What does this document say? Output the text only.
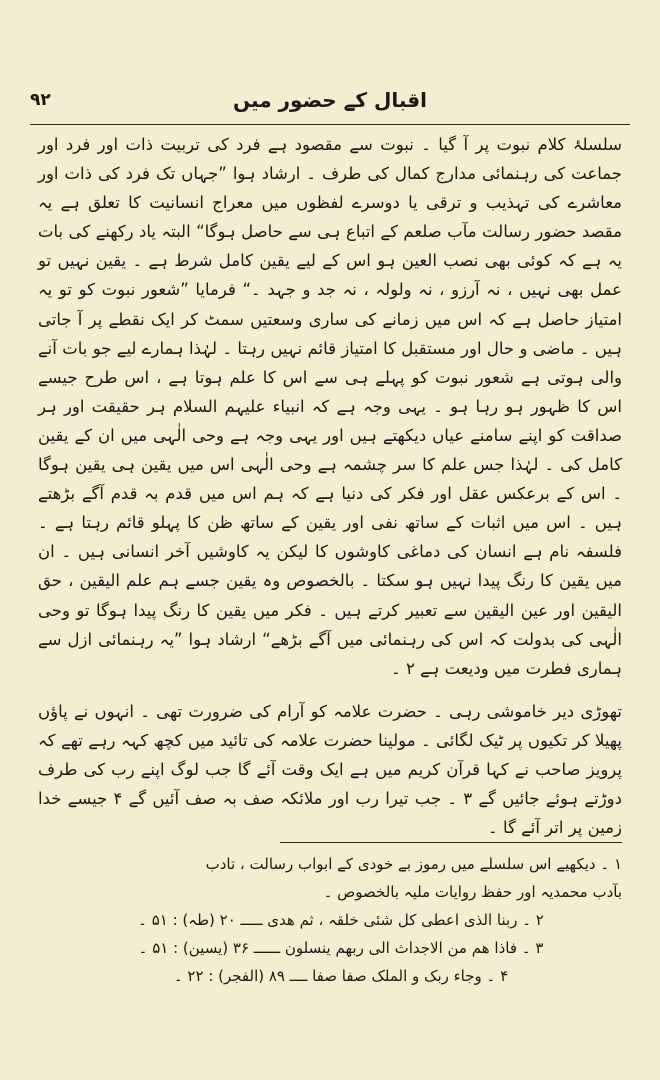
۹۲	اقبال کے حضور میں

سلسلۂ کلام نبوت پر آ گیا ۔ نبوت سے مقصود ہے فرد کی تربیت ذات اور فرد اور جماعت کی رہنمائی مدارج کمال کی طرف ۔ ارشاد ہوا ”جہاں تک فرد کی ذات اور معاشرے کی تہذیب و ترقی یا دوسرے لفظوں میں معراج انسانیت کا تعلق ہے یہ مقصد حضور رسالت مآب صلعم کے اتباع ہی سے حاصل ہوگا“ البتہ یاد رکھنے کی بات یہ ہے کہ کوئی بھی نصب العین ہو اس کے لیے یقین کامل شرط ہے ۔ یقین نہیں تو عمل بھی نہیں ، نہ آرزو ، نہ ولولہ ، نہ جد و جہد ۔“ فرمایا ”شعور نبوت کو تو یہ امتیاز حاصل ہے کہ اس میں زمانے کی ساری وسعتیں سمٹ کر ایک نقطے پر آ جاتی ہیں ۔ ماضی و حال اور مستقبل کا امتیاز قائم نہیں رہتا ۔ لہٰذا ہمارے لیے جو بات آنے والی ہوتی ہے شعور نبوت کو پہلے ہی سے اس کا علم ہوتا ہے ، اس طرح جیسے اس کا ظہور ہو رہا ہو ۔ یہی وجہ ہے کہ انبیاء علیہم السلام ہر حقیقت اور ہر صداقت کو اپنے سامنے عیاں دیکھتے ہیں اور یہی وجہ ہے وحی الٰہی میں ان کے یقین کامل کی ۔ لہٰذا جس علم کا سر چشمہ ہے وحی الٰہی اس میں یقین ہی یقین ہوگا ۔ اس کے برعکس عقل اور فکر کی دنیا ہے کہ ہم اس میں قدم بہ قدم آگے بڑھتے ہیں ۔ اس میں اثبات کے ساتھ نفی اور یقین کے ساتھ ظن کا پہلو قائم رہتا ہے ۔ فلسفہ نام ہے انسان کی دماغی کاوشوں کا لیکن یہ کاوشیں آخر انسانی ہیں ۔ ان میں یقین کا رنگ پیدا نہیں ہو سکتا ۔ بالخصوص وہ یقین جسے ہم علم الیقین ، حق الیقین اور عین الیقین سے تعبیر کرتے ہیں ۔ فکر میں یقین کا رنگ پیدا ہوگا تو وحی الٰہی کی بدولت کہ اس کی رہنمائی میں آگے بڑھے“ ارشاد ہوا ”یہ رہنمائی ازل سے ہماری فطرت میں ودیعت ہے ۲ ۔

تھوڑی دیر خاموشی رہی ۔ حضرت علامہ کو آرام کی ضرورت تھی ۔ انہوں نے پاؤں پھیلا کر تکیوں پر ٹیک لگائی ۔ مولینا حضرت علامہ کی تائید میں کچھ کہہ رہے تھے کہ پرویز صاحب نے کہا قرآن کریم میں ہے ایک وقت آئے گا جب لوگ اپنے رب کی طرف دوڑتے ہوئے جائیں گے ۳ ۔ جب تیرا رب اور ملائکہ صف بہ صف آئیں گے ۴ جیسے خدا زمین پر اتر آئے گا ۔

۱ ۔ دیکھیے اس سلسلے میں رموز بے خودی کے ابواب رسالت ، تادب

بآدب محمدیہ اور حفظ روایات ملیہ بالخصوص ۔

۲ ۔ ربنا الذی اعطی کل شئی خلقہ ، ثم ھدی ـــــ ۲۰ (طہ) : ۵۱ ۔

۳ ۔ فاذا ھم من الاجداث الی ربھم ینسلون ــــــ ۳۶ (یسین) : ۵۱ ۔

۴ ۔ وجاء ربک و الملک صفا صفا ــــ ۸۹ (الفجر) : ۲۲ ۔
